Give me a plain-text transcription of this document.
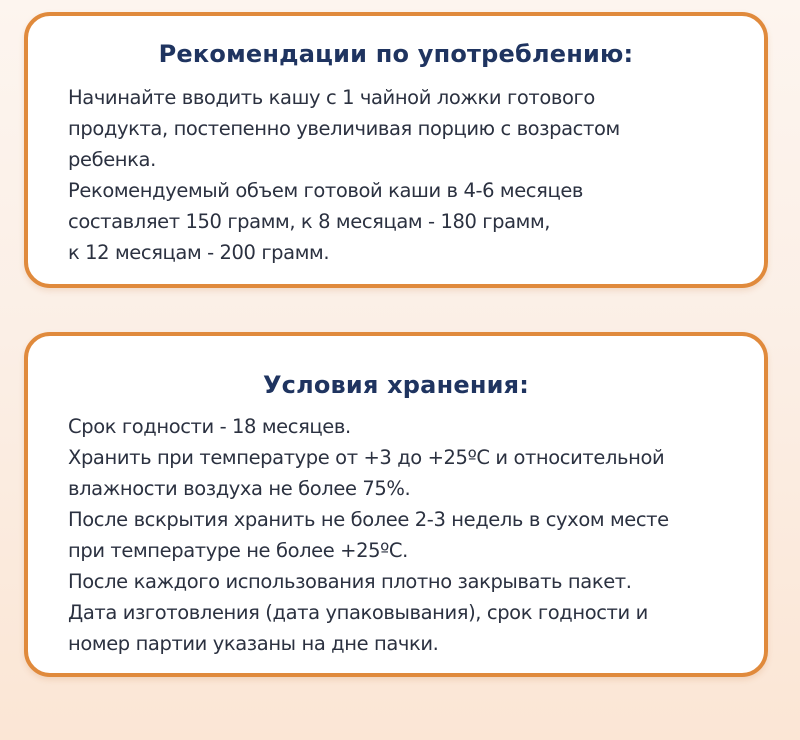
Рекомендации по употреблению:

Начинайте вводить кашу с 1 чайной ложки готового
продукта, постепенно увеличивая порцию с возрастом
ребенка.
Рекомендуемый объем готовой каши в 4-6 месяцев
составляет 150 грамм, к 8 месяцам - 180 грамм,
к 12 месяцам - 200 грамм.

Условия хранения:

Срок годности - 18 месяцев.
Хранить при температуре от +3 до +25ºС и относительной
влажности воздуха не более 75%.
После вскрытия хранить не более 2-3 недель в сухом месте
при температуре не более +25ºС.
После каждого использования плотно закрывать пакет.
Дата изготовления (дата упаковывания), срок годности и
номер партии указаны на дне пачки.
